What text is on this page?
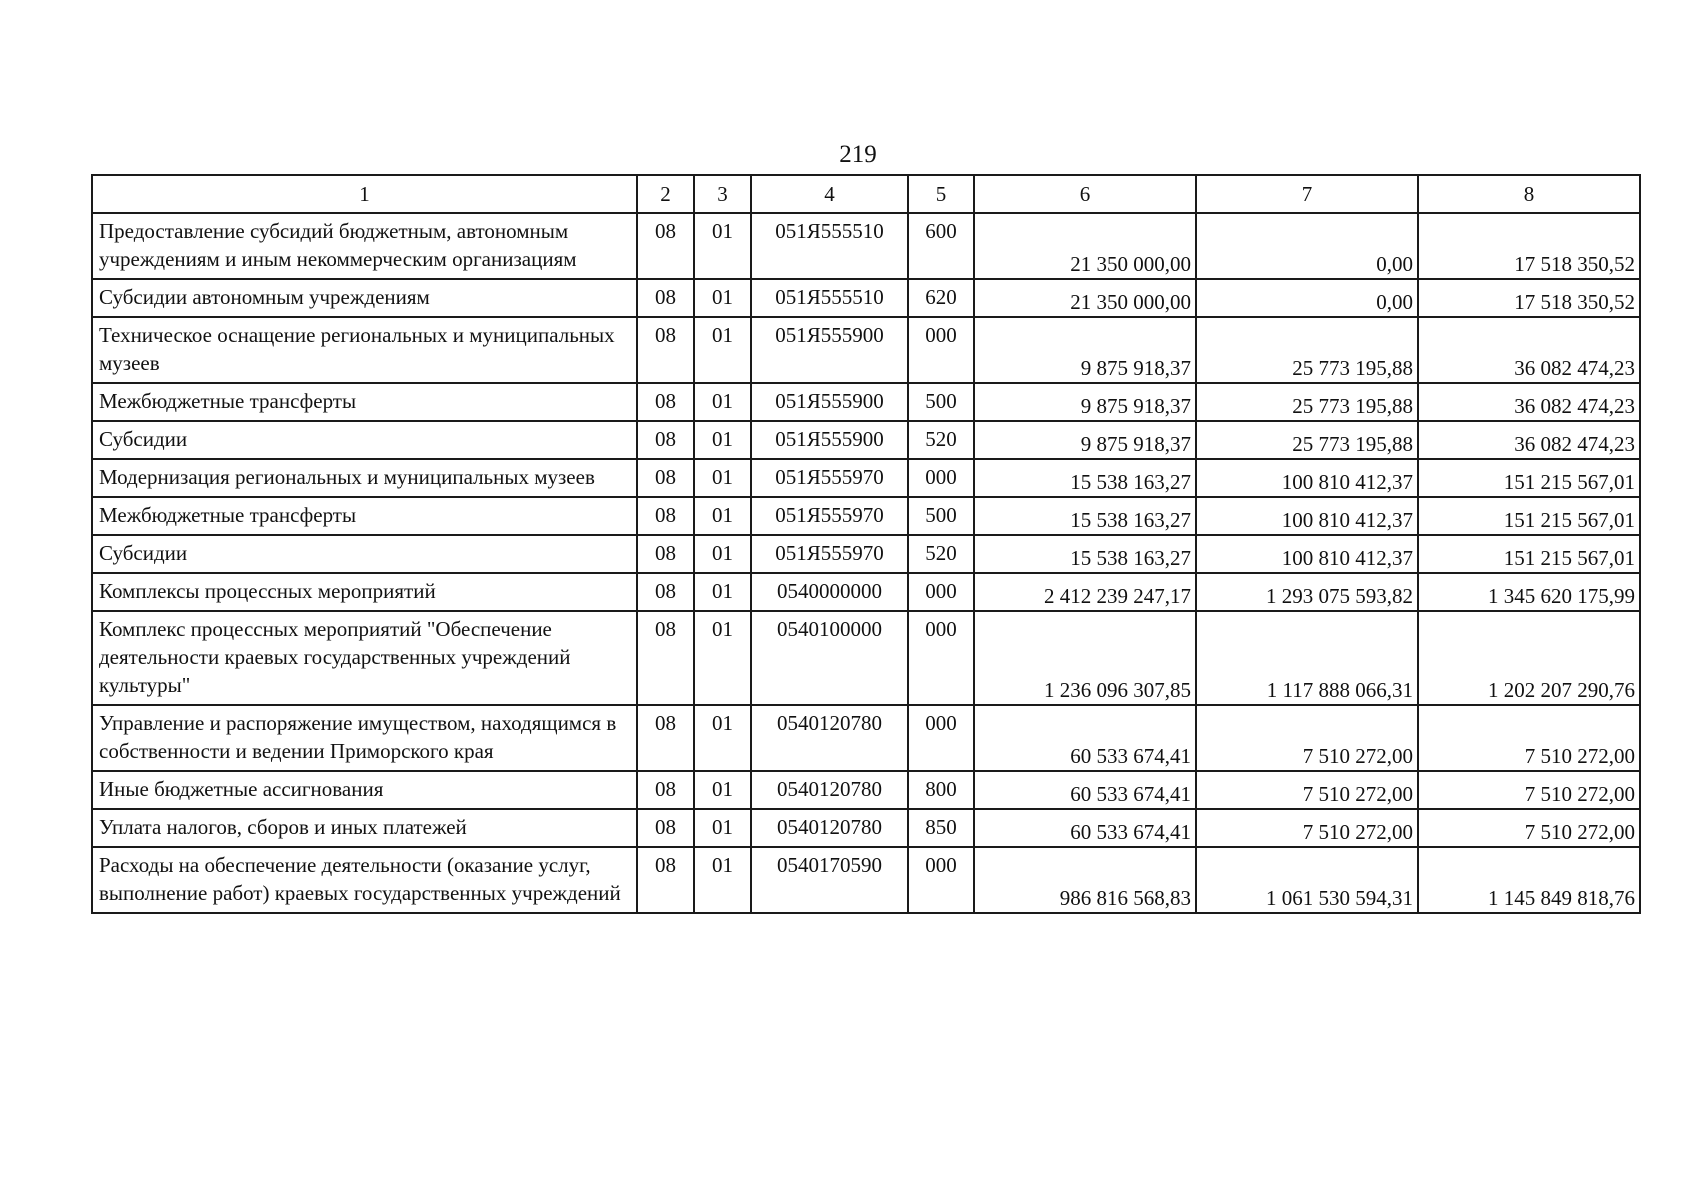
219
1	2	3	4	5	6	7	8
Предоставление субсидий бюджетным, автономным учреждениям и иным некоммерческим организациям	08	01	051Я555510	600	21 350 000,00	0,00	17 518 350,52
Субсидии автономным учреждениям	08	01	051Я555510	620	21 350 000,00	0,00	17 518 350,52
Техническое оснащение региональных и муниципальных музеев	08	01	051Я555900	000	9 875 918,37	25 773 195,88	36 082 474,23
Межбюджетные трансферты	08	01	051Я555900	500	9 875 918,37	25 773 195,88	36 082 474,23
Субсидии	08	01	051Я555900	520	9 875 918,37	25 773 195,88	36 082 474,23
Модернизация региональных и муниципальных музеев	08	01	051Я555970	000	15 538 163,27	100 810 412,37	151 215 567,01
Межбюджетные трансферты	08	01	051Я555970	500	15 538 163,27	100 810 412,37	151 215 567,01
Субсидии	08	01	051Я555970	520	15 538 163,27	100 810 412,37	151 215 567,01
Комплексы процессных мероприятий	08	01	0540000000	000	2 412 239 247,17	1 293 075 593,82	1 345 620 175,99
Комплекс процессных мероприятий "Обеспечение деятельности краевых государственных учреждений культуры"	08	01	0540100000	000	1 236 096 307,85	1 117 888 066,31	1 202 207 290,76
Управление и распоряжение имуществом, находящимся в собственности и ведении Приморского края	08	01	0540120780	000	60 533 674,41	7 510 272,00	7 510 272,00
Иные бюджетные ассигнования	08	01	0540120780	800	60 533 674,41	7 510 272,00	7 510 272,00
Уплата налогов, сборов и иных платежей	08	01	0540120780	850	60 533 674,41	7 510 272,00	7 510 272,00
Расходы на обеспечение деятельности (оказание услуг, выполнение работ) краевых государственных учреждений	08	01	0540170590	000	986 816 568,83	1 061 530 594,31	1 145 849 818,76
